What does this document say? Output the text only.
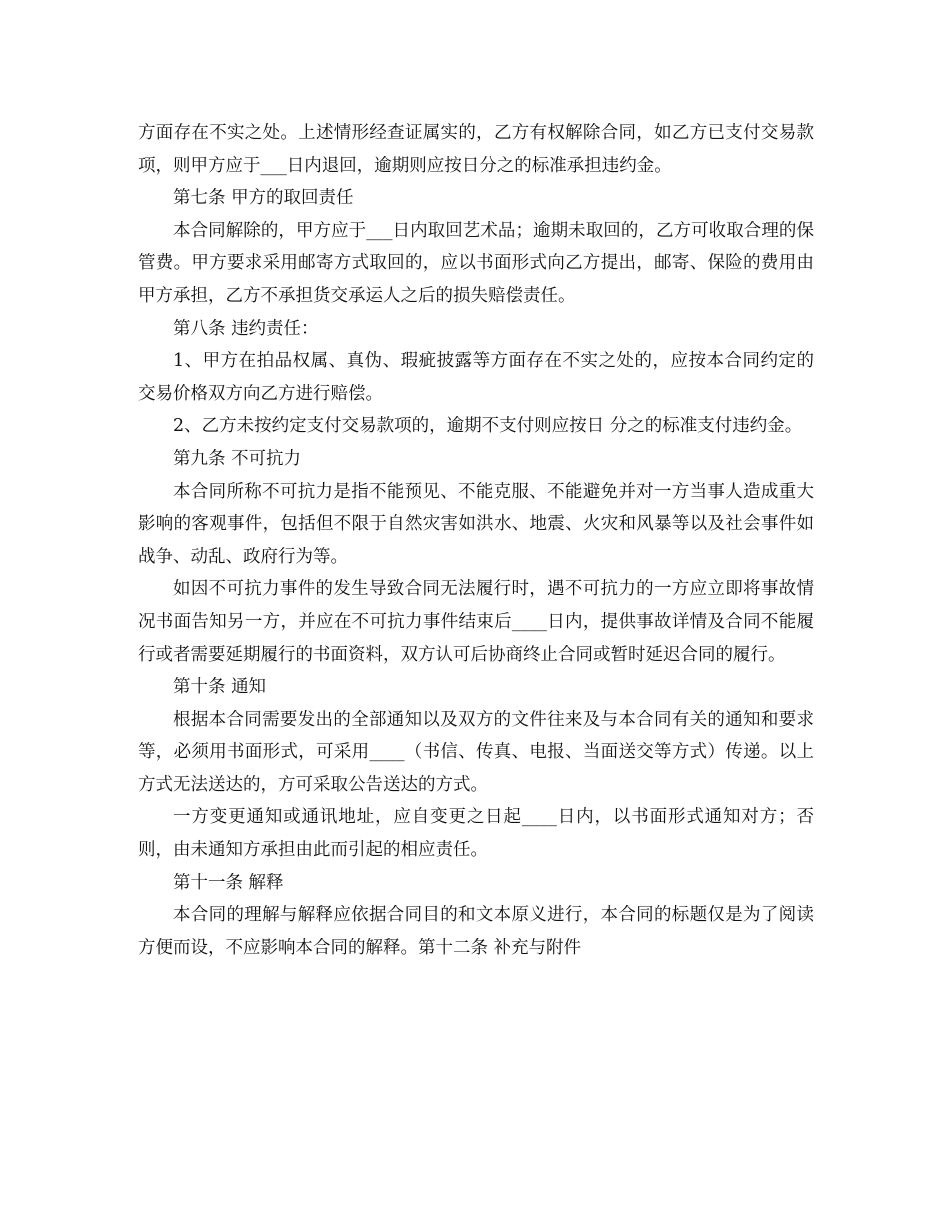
方面存在不实之处。上述情形经查证属实的，乙方有权解除合同，如乙方已支付交易款项，则甲方应于___日内退回，逾期则应按日分之的标准承担违约金。

第七条 甲方的取回责任

本合同解除的，甲方应于___日内取回艺术品；逾期未取回的，乙方可收取合理的保管费。甲方要求采用邮寄方式取回的，应以书面形式向乙方提出，邮寄、保险的费用由甲方承担，乙方不承担货交承运人之后的损失赔偿责任。

第八条 违约责任：

1、甲方在拍品权属、真伪、瑕疵披露等方面存在不实之处的，应按本合同约定的交易价格双方向乙方进行赔偿。

2、乙方未按约定支付交易款项的，逾期不支付则应按日 分之的标准支付违约金。

第九条 不可抗力

本合同所称不可抗力是指不能预见、不能克服、不能避免并对一方当事人造成重大影响的客观事件，包括但不限于自然灾害如洪水、地震、火灾和风暴等以及社会事件如战争、动乱、政府行为等。

如因不可抗力事件的发生导致合同无法履行时，遇不可抗力的一方应立即将事故情况书面告知另一方，并应在不可抗力事件结束后____日内，提供事故详情及合同不能履行或者需要延期履行的书面资料，双方认可后协商终止合同或暂时延迟合同的履行。

第十条 通知

根据本合同需要发出的全部通知以及双方的文件往来及与本合同有关的通知和要求等，必须用书面形式，可采用____（书信、传真、电报、当面送交等方式）传递。以上方式无法送达的，方可采取公告送达的方式。

一方变更通知或通讯地址，应自变更之日起____日内，以书面形式通知对方；否则，由未通知方承担由此而引起的相应责任。

第十一条 解释

本合同的理解与解释应依据合同目的和文本原义进行，本合同的标题仅是为了阅读方便而设，不应影响本合同的解释。第十二条 补充与附件
